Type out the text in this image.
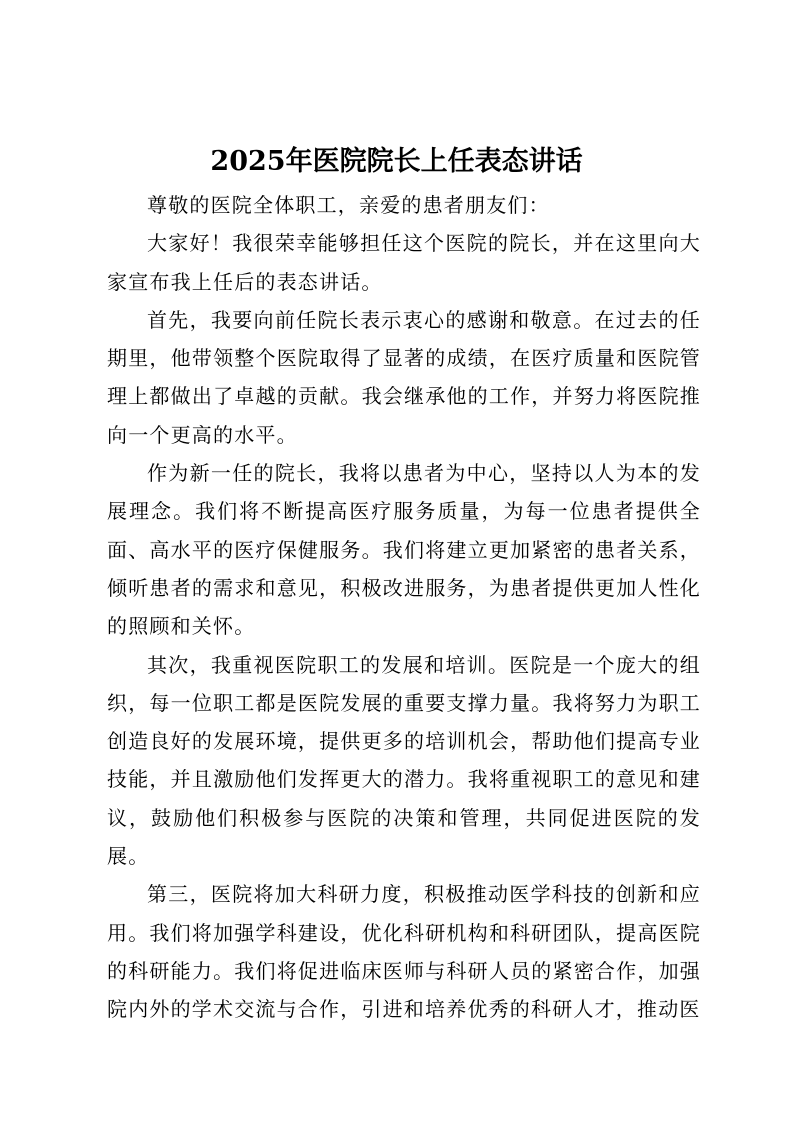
2025年医院院长上任表态讲话

尊敬的医院全体职工，亲爱的患者朋友们：

大家好！我很荣幸能够担任这个医院的院长，并在这里向大家宣布我上任后的表态讲话。

首先，我要向前任院长表示衷心的感谢和敬意。在过去的任期里，他带领整个医院取得了显著的成绩，在医疗质量和医院管理上都做出了卓越的贡献。我会继承他的工作，并努力将医院推向一个更高的水平。

作为新一任的院长，我将以患者为中心，坚持以人为本的发展理念。我们将不断提高医疗服务质量，为每一位患者提供全面、高水平的医疗保健服务。我们将建立更加紧密的患者关系，倾听患者的需求和意见，积极改进服务，为患者提供更加人性化的照顾和关怀。

其次，我重视医院职工的发展和培训。医院是一个庞大的组织，每一位职工都是医院发展的重要支撑力量。我将努力为职工创造良好的发展环境，提供更多的培训机会，帮助他们提高专业技能，并且激励他们发挥更大的潜力。我将重视职工的意见和建议，鼓励他们积极参与医院的决策和管理，共同促进医院的发展。

第三，医院将加大科研力度，积极推动医学科技的创新和应用。我们将加强学科建设，优化科研机构和科研团队，提高医院的科研能力。我们将促进临床医师与科研人员的紧密合作，加强院内外的学术交流与合作，引进和培养优秀的科研人才，推动医
